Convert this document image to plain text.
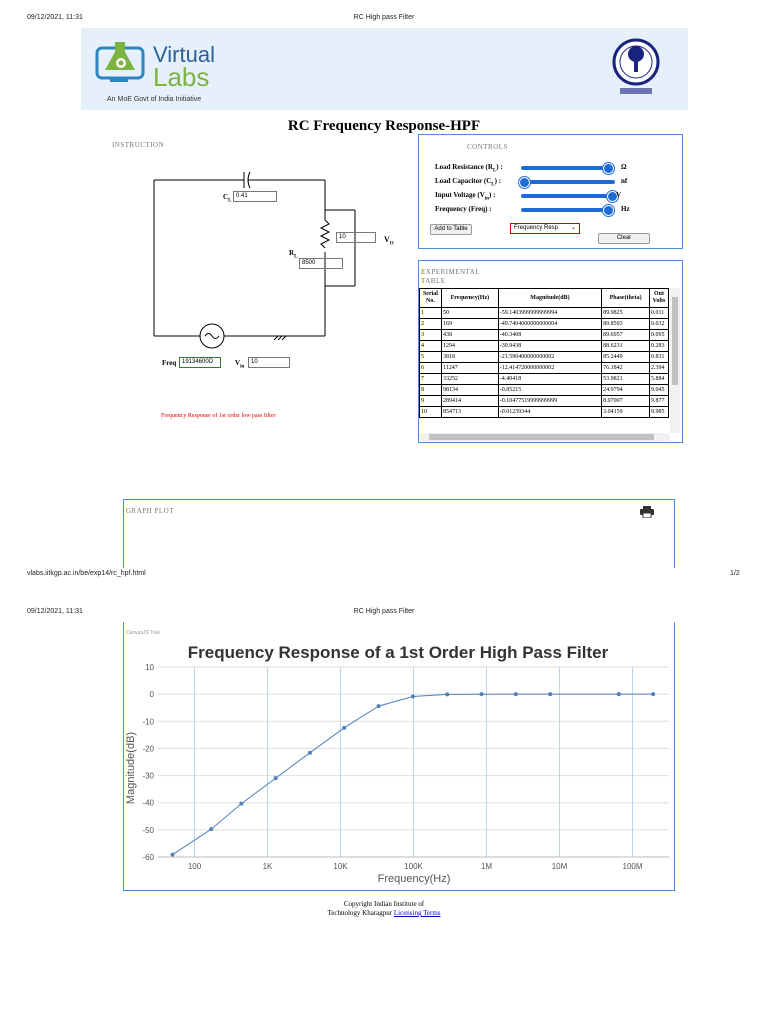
09/12/2021, 11:31	RC High pass Filter
Virtual
Labs
An MoE Govt of India Initiative
RC Frequency Response-HPF
INSTRUCTION
$C_L$
0.41
$R_L$
8500
10	$V_O$
Freq 19134600D	$V_{in}$
10
Frequency Response of 1st order low pass filter
CONTROLS
Load Resistance $(R_L)$ :	Ω
Load Capacitor $(C_L)$ :	nf
Input Voltage $(V_{in})$ :	V
Frequency (Freq) :	Hz
Add to Table	Frequency Resp ⌄
Clear
EXPERIMENTAL
TABLE
Serial No.	Frequency(Hz)	Magnitude(dB)	Phase(theta)	Out Volts
1	50	-59.1403999999999994	89.9825	0.011
2	169	-49.7404000000000004	89.8593	0.032
3	438	-40.3408	89.6957	0.095
4	1294	-30.9438	88.6231	0.283
5	3818	-21.590400000000002	85.2449	0.831
6	11247	-12.414720000000002	76.1842	2.394
7	33252	-4.40418	53.9821	5.884
8	98134	-0.85215	24.9794	9.045
9	289414	-0.10477519999999999	8.97007	9.877
10	854713	-0.01239344	3.04159	9.985
GRAPH PLOT
vlabs.iitkgp.ac.in/be/exp14/rc_hpf.html	1/2
09/12/2021, 11:31	RC High pass Filter
CanvasJS Trial
Frequency Response of a 1st Order High Pass Filter
Magnitude(dB)
Frequency(Hz)
10
0
-10
-20
-30
-40
-50
-60
100	1K	10K	100K	1M	10M	100M
Copyright Indian Institute of
Technology Kharagpur Licensing Terms
